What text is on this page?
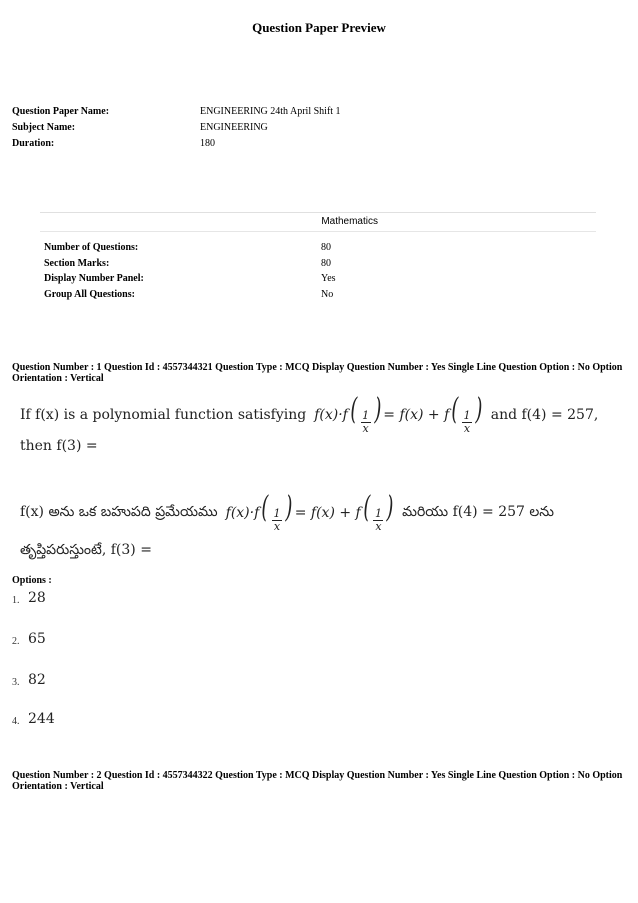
Question Paper Preview
Question Paper Name:	ENGINEERING 24th April Shift 1
Subject Name:	ENGINEERING
Duration:	180
Mathematics
Number of Questions:	80
Section Marks:	80
Display Number Panel:	Yes
Group All Questions:	No
Question Number : 1 Question Id : 4557344321 Question Type : MCQ Display Question Number : Yes Single Line Question Option : No Option Orientation : Vertical
If f(x) is a polynomial function satisfying $f(x)\cdot f( \frac{1}{x}$ ) = $f(x) + f( \frac{1}{x}$ ) and f(4) = 257,
then f(3) =
f(x) అను ఒక బహుపది ప్రమేయము $f(x)\cdot f( \frac{1}{x}$ ) = $f(x) + f( \frac{1}{x}$ ) మరియు f(4) = 257 లను
తృప్తిపరుస్తుంటే, f(3) =
Options :
1. 28
2. 65
3. 82
4. 244
Question Number : 2 Question Id : 4557344322 Question Type : MCQ Display Question Number : Yes Single Line Question Option : No Option Orientation : Vertical
